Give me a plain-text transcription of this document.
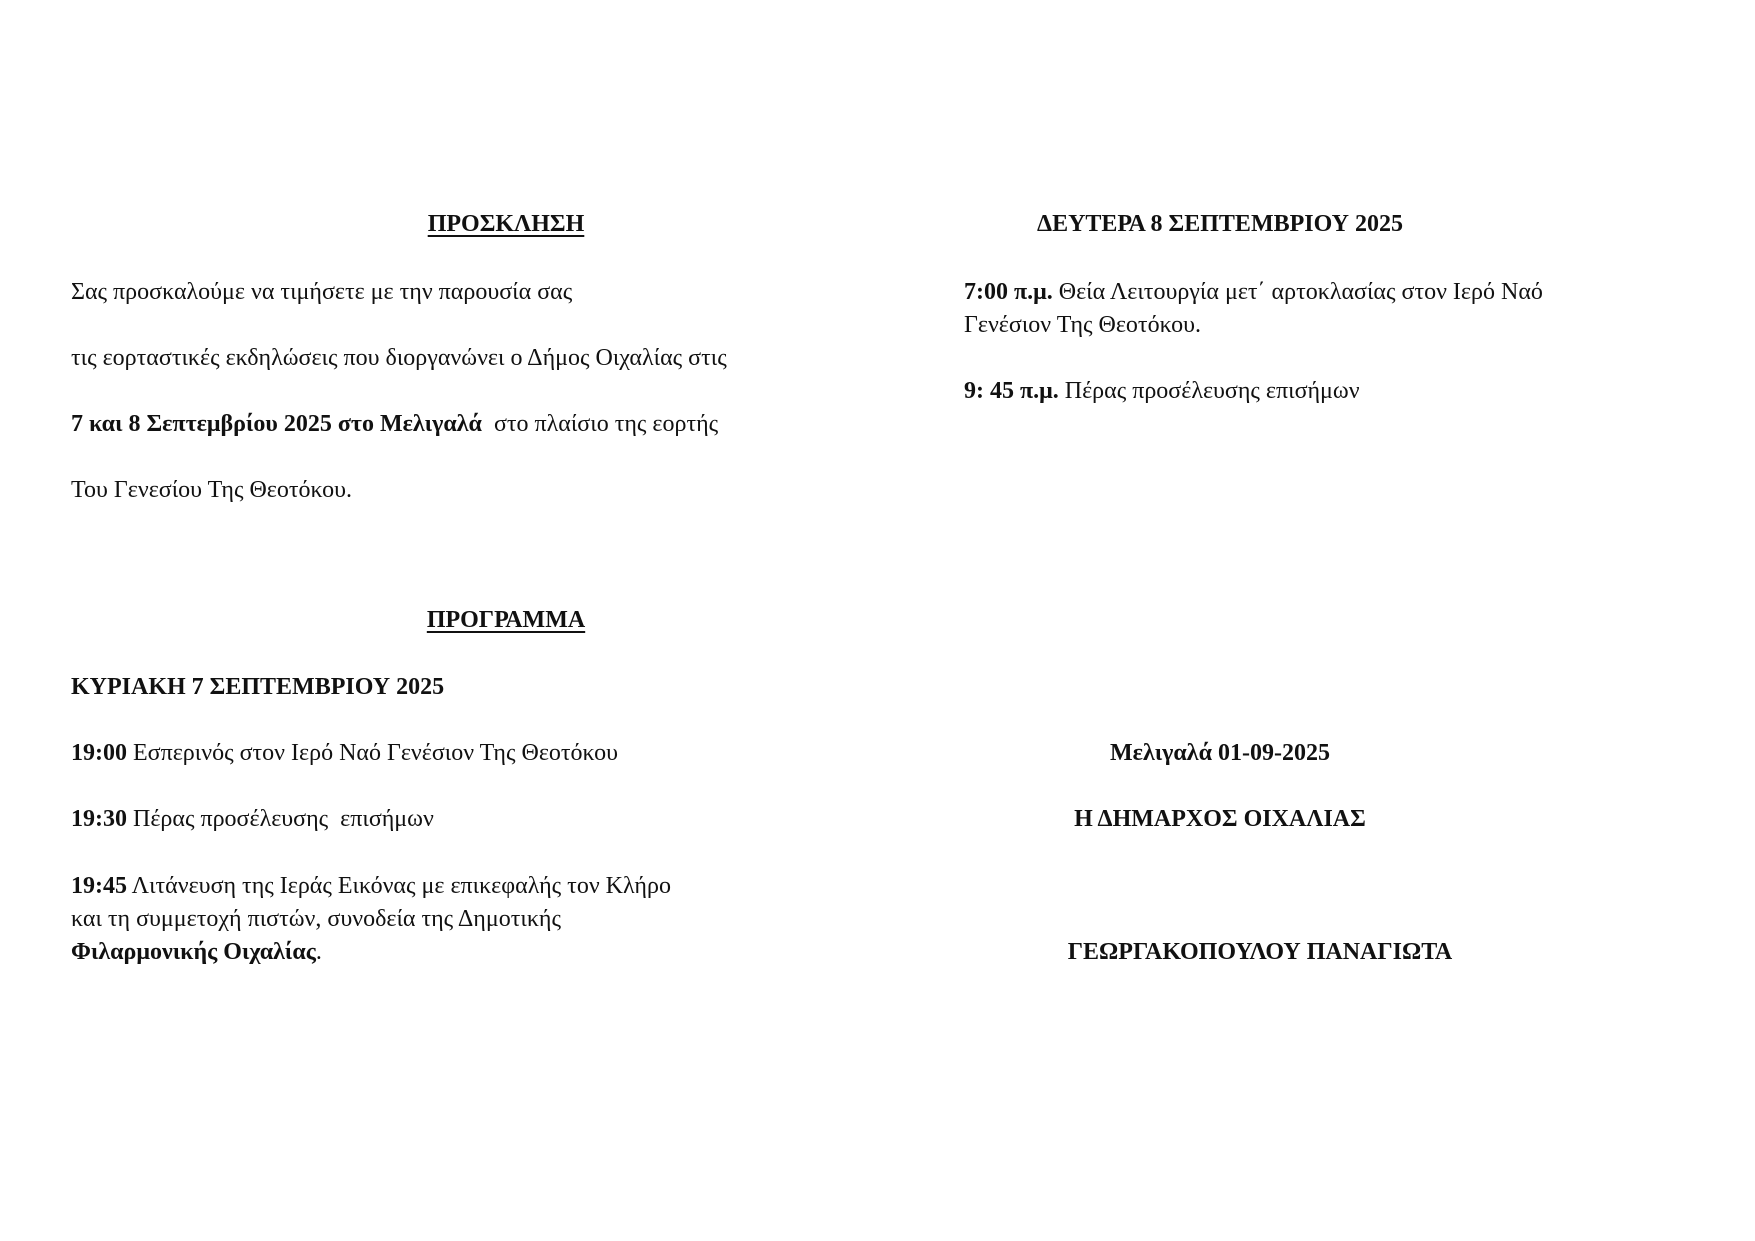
ΠΡΟΣΚΛΗΣΗ
Σας προσκαλούμε να τιμήσετε με την παρουσία σας
τις εορταστικές εκδηλώσεις που διοργανώνει ο Δήμος Οιχαλίας στις
7 και 8 Σεπτεμβρίου 2025 στο Μελιγαλά  στο πλαίσιο της εορτής
Του Γενεσίου Της Θεοτόκου.
ΠΡΟΓΡΑΜΜΑ
ΚΥΡΙΑΚΗ 7 ΣΕΠΤΕΜΒΡΙΟΥ 2025
19:00 Εσπερινός στον Ιερό Ναό Γενέσιον Της Θεοτόκου
19:30 Πέρας προσέλευσης  επισήμων
19:45 Λιτάνευση της Ιεράς Εικόνας με επικεφαλής τον Κλήρο
και τη συμμετοχή πιστών, συνοδεία της Δημοτικής
Φιλαρμονικής Οιχαλίας.
ΔΕΥΤΕΡΑ 8 ΣΕΠΤΕΜΒΡΙΟΥ 2025
7:00 π.μ. Θεία Λειτουργία μετ΄ αρτοκλασίας στον Ιερό Ναό
Γενέσιον Της Θεοτόκου.
9: 45 π.μ. Πέρας προσέλευσης επισήμων
Μελιγαλά 01-09-2025
Η ΔΗΜΑΡΧΟΣ ΟΙΧΑΛΙΑΣ
ΓΕΩΡΓΑΚΟΠΟΥΛΟΥ ΠΑΝΑΓΙΩΤΑ
